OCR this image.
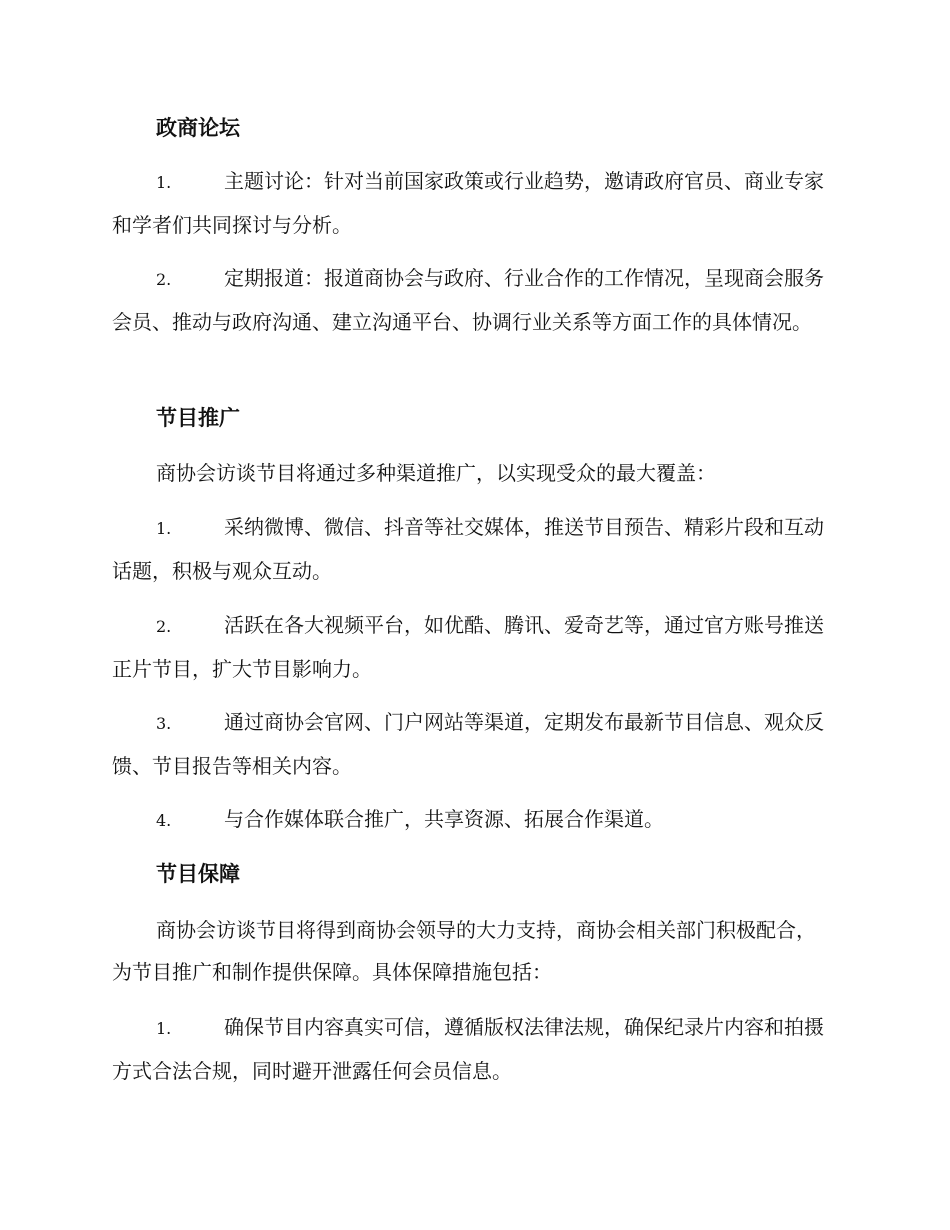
政商论坛
1.	主题讨论：针对当前国家政策或行业趋势，邀请政府官员、商业专家和学者们共同探讨与分析。
2.	定期报道：报道商协会与政府、行业合作的工作情况，呈现商会服务会员、推动与政府沟通、建立沟通平台、协调行业关系等方面工作的具体情况。
节目推广
商协会访谈节目将通过多种渠道推广，以实现受众的最大覆盖：
1.	采纳微博、微信、抖音等社交媒体，推送节目预告、精彩片段和互动话题，积极与观众互动。
2.	活跃在各大视频平台，如优酷、腾讯、爱奇艺等，通过官方账号推送正片节目，扩大节目影响力。
3.	通过商协会官网、门户网站等渠道，定期发布最新节目信息、观众反馈、节目报告等相关内容。
4.	与合作媒体联合推广，共享资源、拓展合作渠道。
节目保障
商协会访谈节目将得到商协会领导的大力支持，商协会相关部门积极配合，为节目推广和制作提供保障。具体保障措施包括：
1.	确保节目内容真实可信，遵循版权法律法规，确保纪录片内容和拍摄方式合法合规，同时避开泄露任何会员信息。
